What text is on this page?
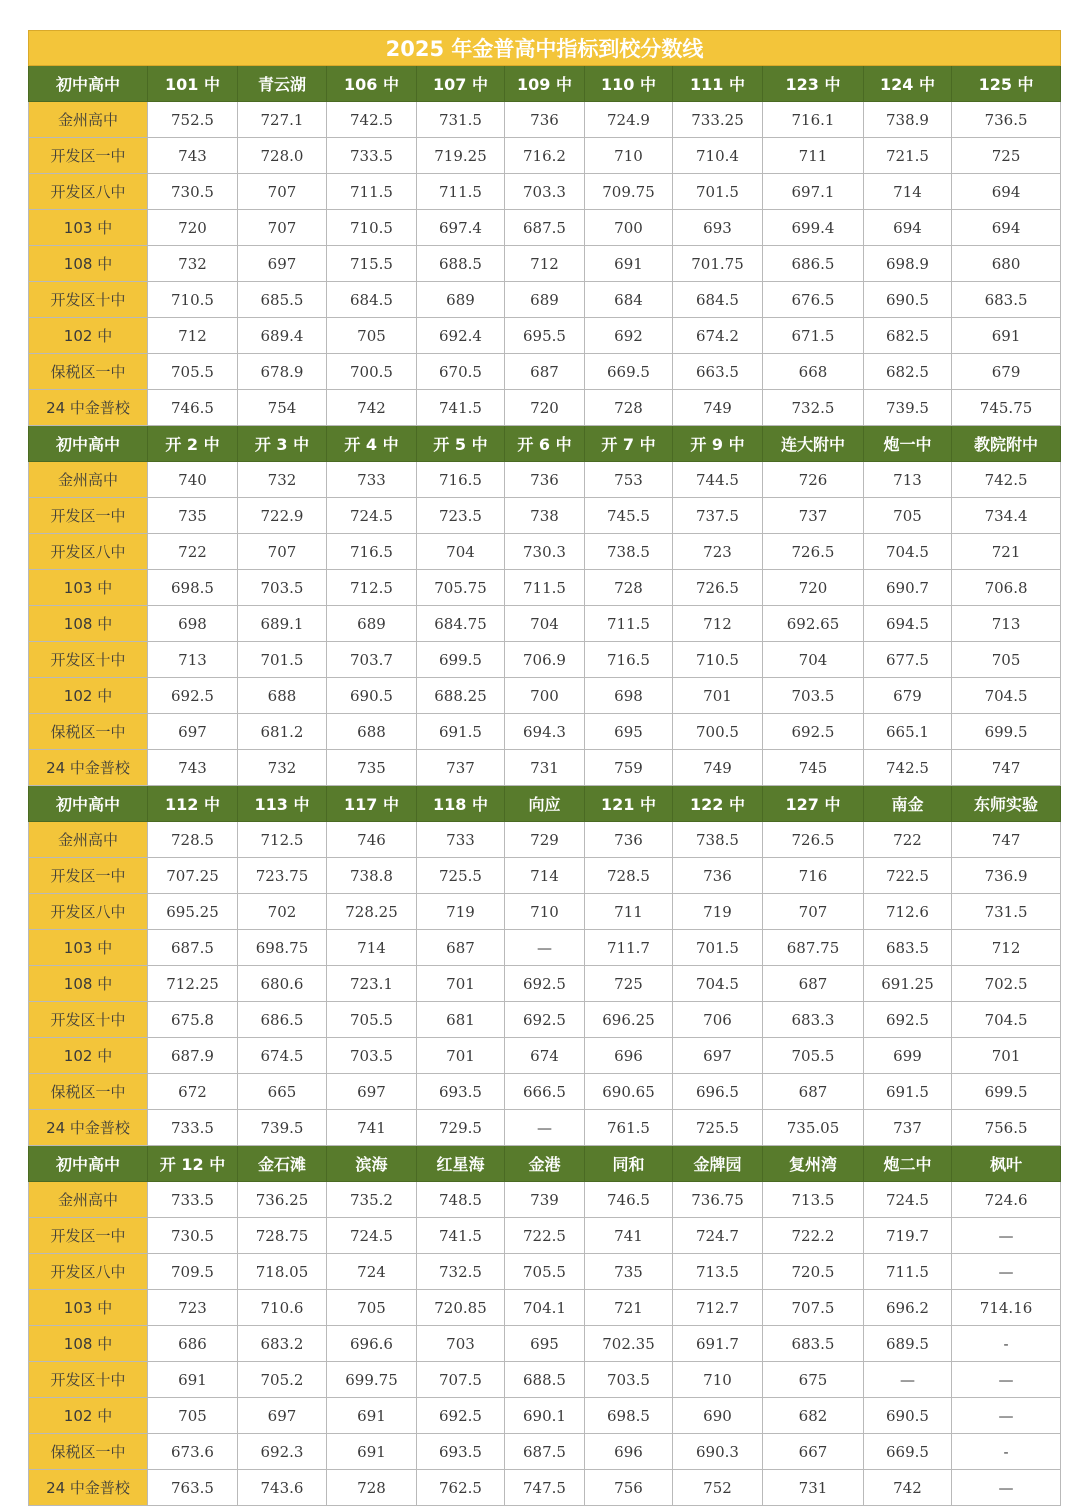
2025 年金普高中指标到校分数线										
初中高中	101 中	青云湖	106 中	107 中	109 中	110 中	111 中	123 中	124 中	125 中
金州高中	752.5	727.1	742.5	731.5	736	724.9	733.25	716.1	738.9	736.5
开发区一中	743	728.0	733.5	719.25	716.2	710	710.4	711	721.5	725
开发区八中	730.5	707	711.5	711.5	703.3	709.75	701.5	697.1	714	694
103 中	720	707	710.5	697.4	687.5	700	693	699.4	694	694
108 中	732	697	715.5	688.5	712	691	701.75	686.5	698.9	680
开发区十中	710.5	685.5	684.5	689	689	684	684.5	676.5	690.5	683.5
102 中	712	689.4	705	692.4	695.5	692	674.2	671.5	682.5	691
保税区一中	705.5	678.9	700.5	670.5	687	669.5	663.5	668	682.5	679
24 中金普校	746.5	754	742	741.5	720	728	749	732.5	739.5	745.75
初中高中	开 2 中	开 3 中	开 4 中	开 5 中	开 6 中	开 7 中	开 9 中	连大附中	炮一中	教院附中
金州高中	740	732	733	716.5	736	753	744.5	726	713	742.5
开发区一中	735	722.9	724.5	723.5	738	745.5	737.5	737	705	734.4
开发区八中	722	707	716.5	704	730.3	738.5	723	726.5	704.5	721
103 中	698.5	703.5	712.5	705.75	711.5	728	726.5	720	690.7	706.8
108 中	698	689.1	689	684.75	704	711.5	712	692.65	694.5	713
开发区十中	713	701.5	703.7	699.5	706.9	716.5	710.5	704	677.5	705
102 中	692.5	688	690.5	688.25	700	698	701	703.5	679	704.5
保税区一中	697	681.2	688	691.5	694.3	695	700.5	692.5	665.1	699.5
24 中金普校	743	732	735	737	731	759	749	745	742.5	747
初中高中	112 中	113 中	117 中	118 中	向应	121 中	122 中	127 中	南金	东师实验
金州高中	728.5	712.5	746	733	729	736	738.5	726.5	722	747
开发区一中	707.25	723.75	738.8	725.5	714	728.5	736	716	722.5	736.9
开发区八中	695.25	702	728.25	719	710	711	719	707	712.6	731.5
103 中	687.5	698.75	714	687	—	711.7	701.5	687.75	683.5	712
108 中	712.25	680.6	723.1	701	692.5	725	704.5	687	691.25	702.5
开发区十中	675.8	686.5	705.5	681	692.5	696.25	706	683.3	692.5	704.5
102 中	687.9	674.5	703.5	701	674	696	697	705.5	699	701
保税区一中	672	665	697	693.5	666.5	690.65	696.5	687	691.5	699.5
24 中金普校	733.5	739.5	741	729.5	—	761.5	725.5	735.05	737	756.5
初中高中	开 12 中	金石滩	滨海	红星海	金港	同和	金牌园	复州湾	炮二中	枫叶
金州高中	733.5	736.25	735.2	748.5	739	746.5	736.75	713.5	724.5	724.6
开发区一中	730.5	728.75	724.5	741.5	722.5	741	724.7	722.2	719.7	—
开发区八中	709.5	718.05	724	732.5	705.5	735	713.5	720.5	711.5	—
103 中	723	710.6	705	720.85	704.1	721	712.7	707.5	696.2	714.16
108 中	686	683.2	696.6	703	695	702.35	691.7	683.5	689.5	-
开发区十中	691	705.2	699.75	707.5	688.5	703.5	710	675	—	—
102 中	705	697	691	692.5	690.1	698.5	690	682	690.5	—
保税区一中	673.6	692.3	691	693.5	687.5	696	690.3	667	669.5	-
24 中金普校	763.5	743.6	728	762.5	747.5	756	752	731	742	—
